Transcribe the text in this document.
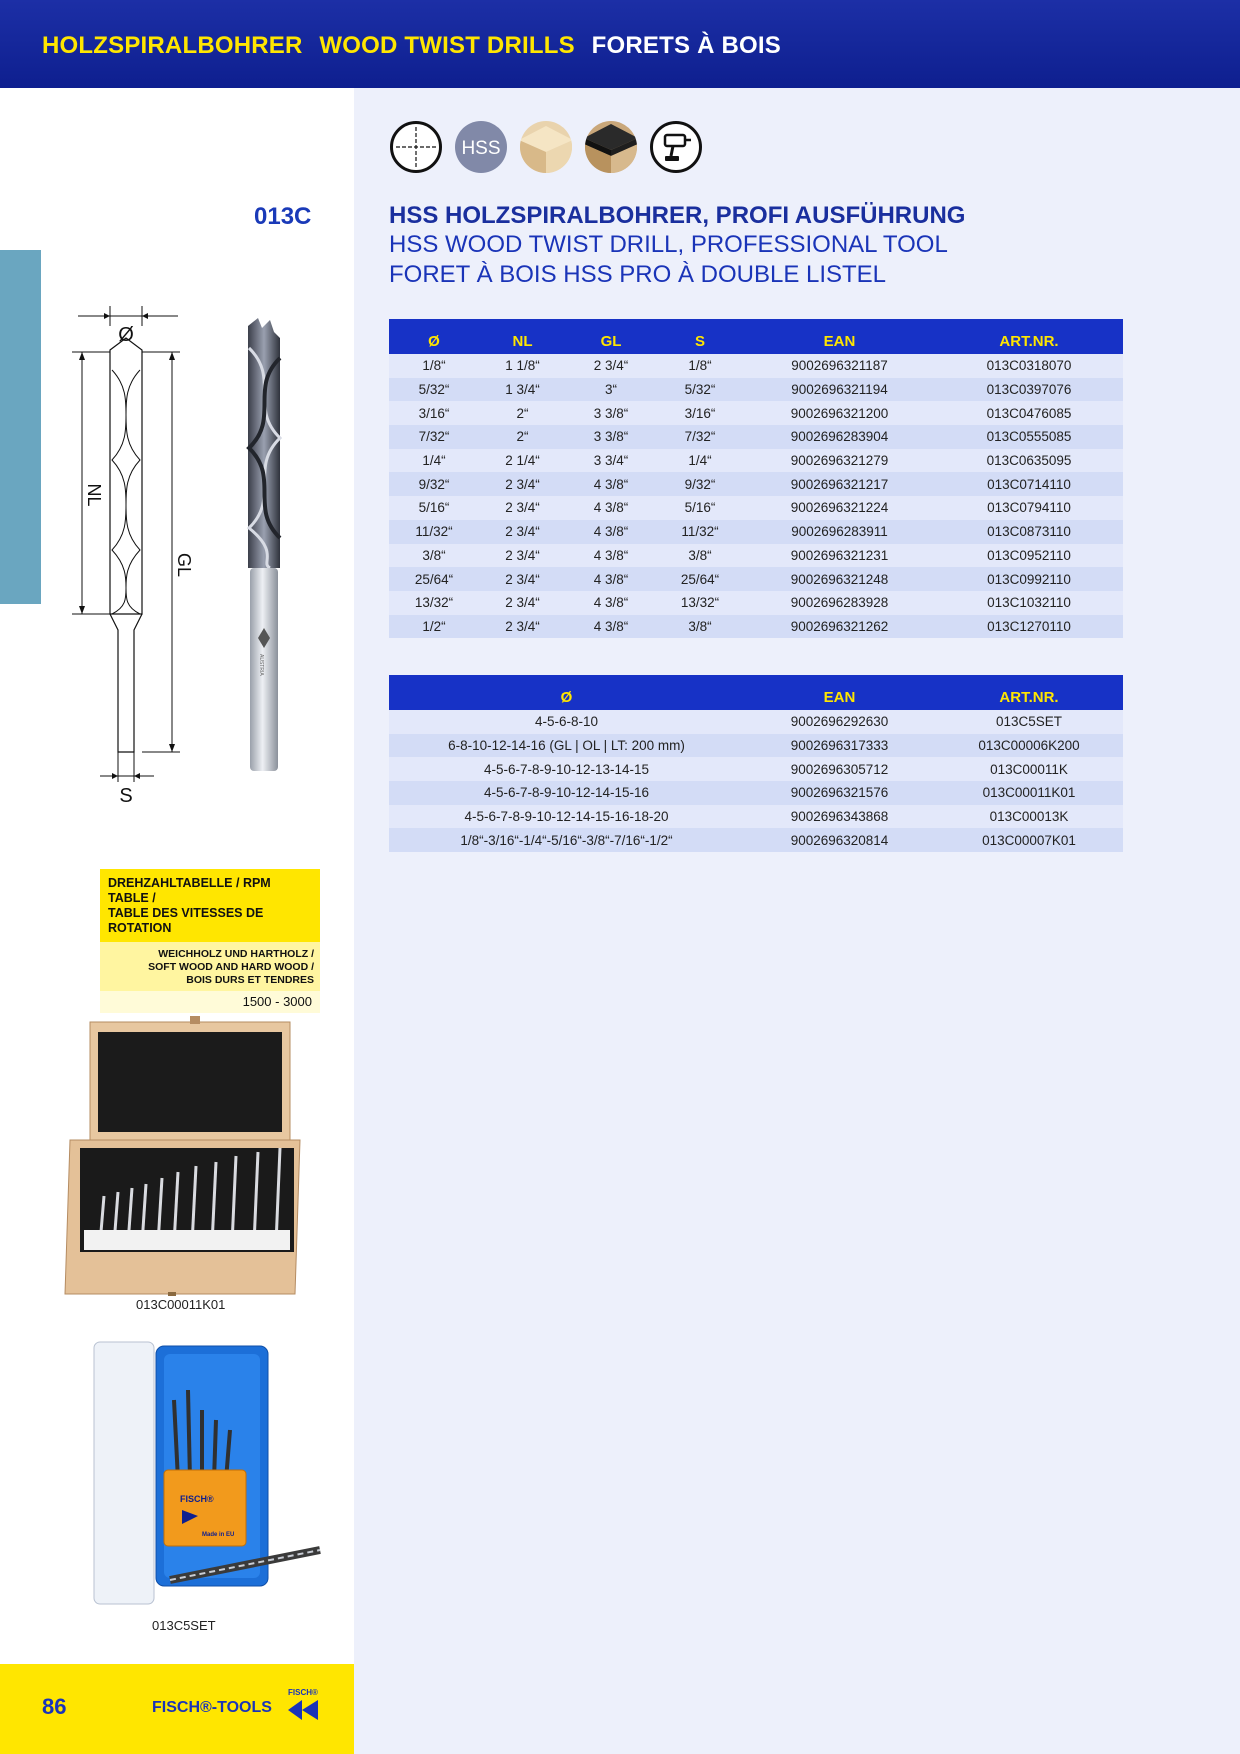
HOLZSPIRALBOHRER WOOD TWIST DRILLS FORETS À BOIS
HSS
013C	HSS HOLZSPIRALBOHRER, PROFI AUSFÜHRUNG
HSS WOOD TWIST DRILL, PROFESSIONAL TOOL
FORET À BOIS HSS PRO À DOUBLE LISTEL
Ø
NL
GL
S
AUSTRIA
Ø	NL	GL	S	EAN	ART.NR.
1/8“	1 1/8“	2 3/4“	1/8“	9002696321187	013C0318070
5/32“	1 3/4“	3“	5/32“	9002696321194	013C0397076
3/16“	2“	3 3/8“	3/16“	9002696321200	013C0476085
7/32“	2“	3 3/8“	7/32“	9002696283904	013C0555085
1/4“	2 1/4“	3 3/4“	1/4“	9002696321279	013C0635095
9/32“	2 3/4“	4 3/8“	9/32“	9002696321217	013C0714110
5/16“	2 3/4“	4 3/8“	5/16“	9002696321224	013C0794110
11/32“	2 3/4“	4 3/8“	11/32“	9002696283911	013C0873110
3/8“	2 3/4“	4 3/8“	3/8“	9002696321231	013C0952110
25/64“	2 3/4“	4 3/8“	25/64“	9002696321248	013C0992110
13/32“	2 3/4“	4 3/8“	13/32“	9002696283928	013C1032110
1/2“	2 3/4“	4 3/8“	3/8“	9002696321262	013C1270110
Ø	EAN	ART.NR.
4-5-6-8-10	9002696292630	013C5SET
6-8-10-12-14-16 (GL | OL | LT: 200 mm)	9002696317333	013C00006K200
4-5-6-7-8-9-10-12-13-14-15	9002696305712	013C00011K
4-5-6-7-8-9-10-12-14-15-16	9002696321576	013C00011K01
4-5-6-7-8-9-10-12-14-15-16-18-20	9002696343868	013C00013K
1/8“-3/16“-1/4“-5/16“-3/8“-7/16“-1/2“	9002696320814	013C00007K01
DREHZAHLTABELLE / RPM TABLE /
TABLE DES VITESSES DE ROTATION
WEICHHOLZ UND HARTHOLZ /
SOFT WOOD AND HARD WOOD /
BOIS DURS ET TENDRES
1500 - 3000
013C00011K01
FISCH®
Made in EU
013C5SET
86	FISCH®-TOOLS
FISCH®
